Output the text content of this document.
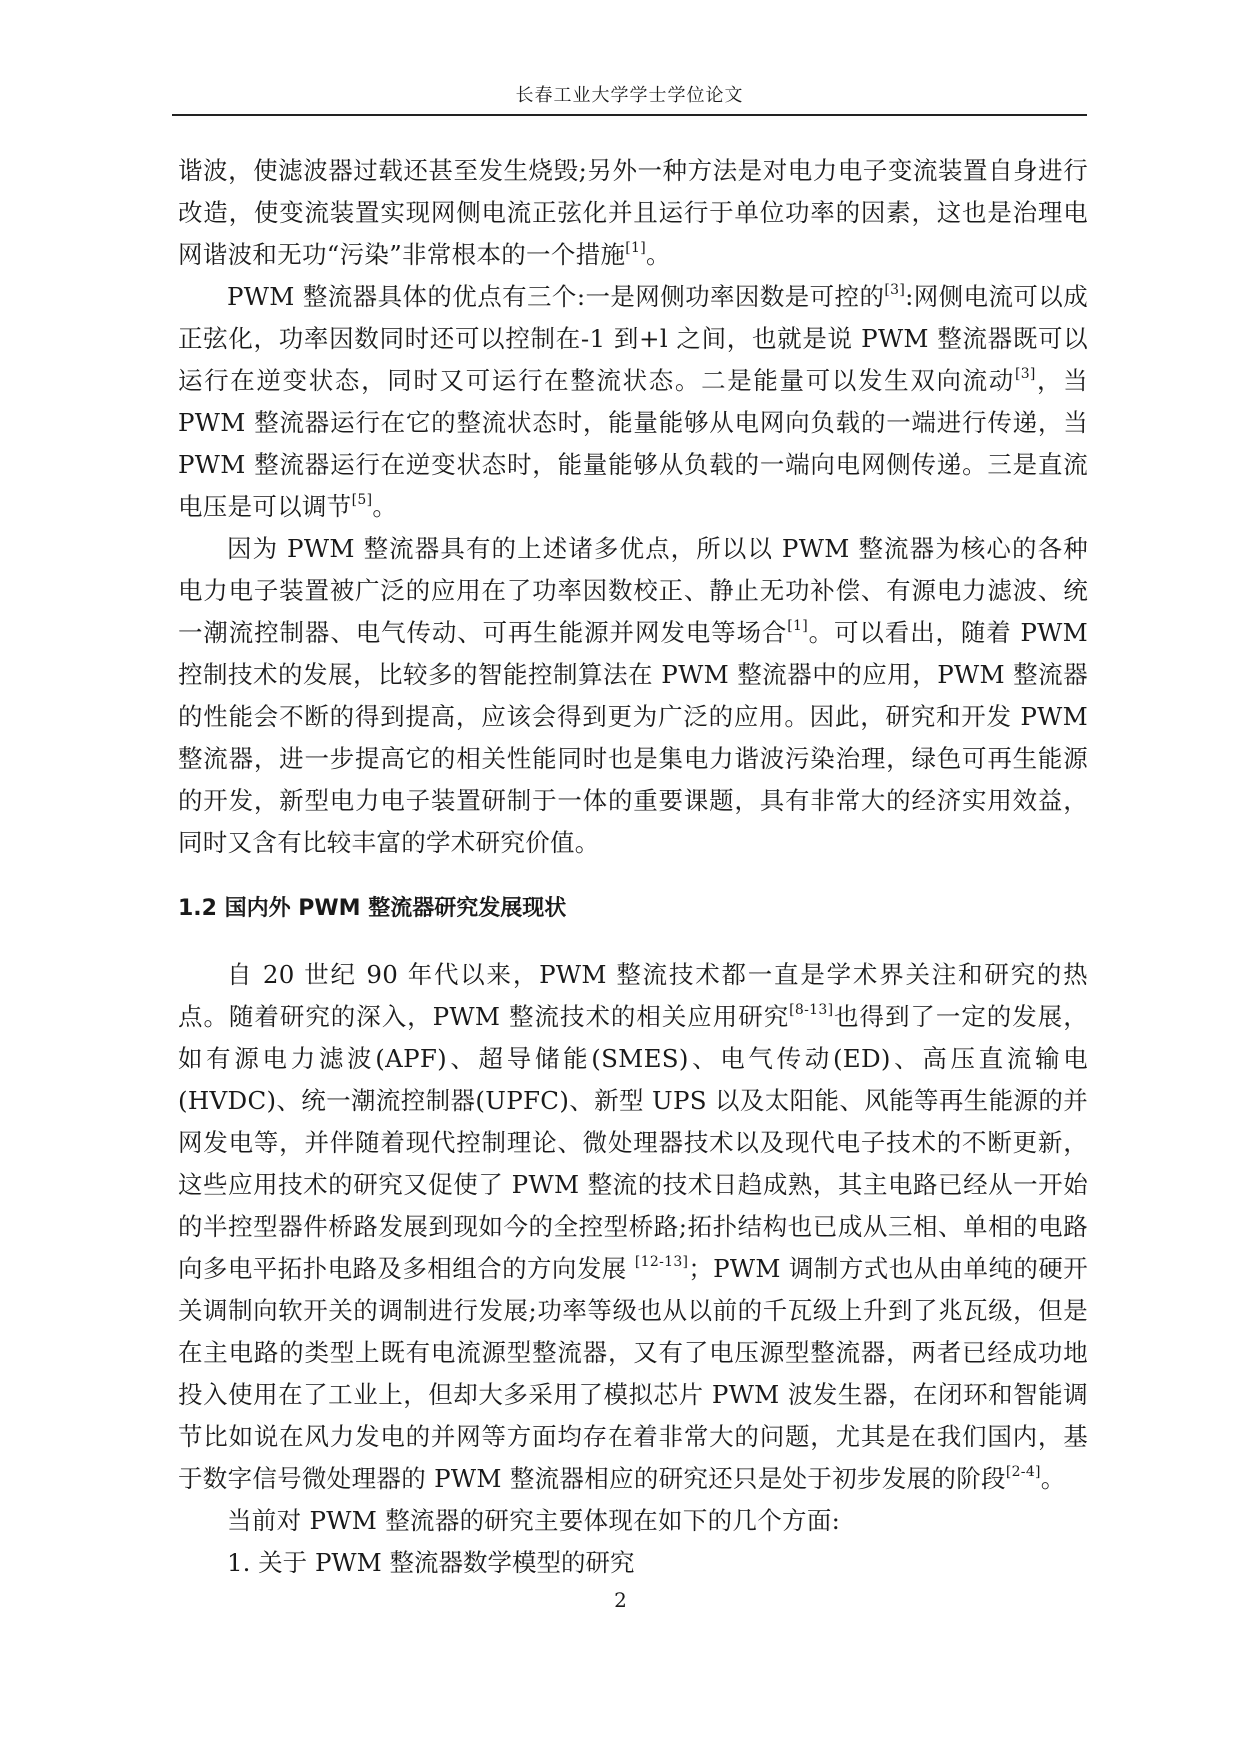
长春工业大学学士学位论文

谐波，使滤波器过载还甚至发生烧毁;另外一种方法是对电力电子变流装置自身进行改造，使变流装置实现网侧电流正弦化并且运行于单位功率的因素，这也是治理电网谐波和无功“污染”非常根本的一个措施[1]。

PWM 整流器具体的优点有三个:一是网侧功率因数是可控的[3]:网侧电流可以成正弦化，功率因数同时还可以控制在-1 到+l 之间，也就是说 PWM 整流器既可以运行在逆变状态，同时又可运行在整流状态。二是能量可以发生双向流动[3]，当 PWM 整流器运行在它的整流状态时，能量能够从电网向负载的一端进行传递，当 PWM 整流器运行在逆变状态时，能量能够从负载的一端向电网侧传递。三是直流电压是可以调节[5]。

因为 PWM 整流器具有的上述诸多优点，所以以 PWM 整流器为核心的各种电力电子装置被广泛的应用在了功率因数校正、静止无功补偿、有源电力滤波、统一潮流控制器、电气传动、可再生能源并网发电等场合[1]。可以看出，随着 PWM 控制技术的发展，比较多的智能控制算法在 PWM 整流器中的应用，PWM 整流器的性能会不断的得到提高，应该会得到更为广泛的应用。因此，研究和开发 PWM 整流器，进一步提高它的相关性能同时也是集电力谐波污染治理，绿色可再生能源的开发，新型电力电子装置研制于一体的重要课题，具有非常大的经济实用效益，同时又含有比较丰富的学术研究价值。

1.2 国内外 PWM 整流器研究发展现状

自 20 世纪 90 年代以来，PWM 整流技术都一直是学术界关注和研究的热点。随着研究的深入，PWM 整流技术的相关应用研究[8-13]也得到了一定的发展，如有源电力滤波(APF)、超导储能(SMES)、电气传动(ED)、高压直流输电(HVDC)、统一潮流控制器(UPFC)、新型 UPS 以及太阳能、风能等再生能源的并网发电等，并伴随着现代控制理论、微处理器技术以及现代电子技术的不断更新，这些应用技术的研究又促使了 PWM 整流的技术日趋成熟，其主电路已经从一开始的半控型器件桥路发展到现如今的全控型桥路;拓扑结构也已成从三相、单相的电路向多电平拓扑电路及多相组合的方向发展 [12-13]；PWM 调制方式也从由单纯的硬开关调制向软开关的调制进行发展;功率等级也从以前的千瓦级上升到了兆瓦级，但是在主电路的类型上既有电流源型整流器，又有了电压源型整流器，两者已经成功地投入使用在了工业上，但却大多采用了模拟芯片 PWM 波发生器，在闭环和智能调节比如说在风力发电的并网等方面均存在着非常大的问题，尤其是在我们国内，基于数字信号微处理器的 PWM 整流器相应的研究还只是处于初步发展的阶段[2-4]。

当前对 PWM 整流器的研究主要体现在如下的几个方面:

1. 关于 PWM 整流器数学模型的研究

2
